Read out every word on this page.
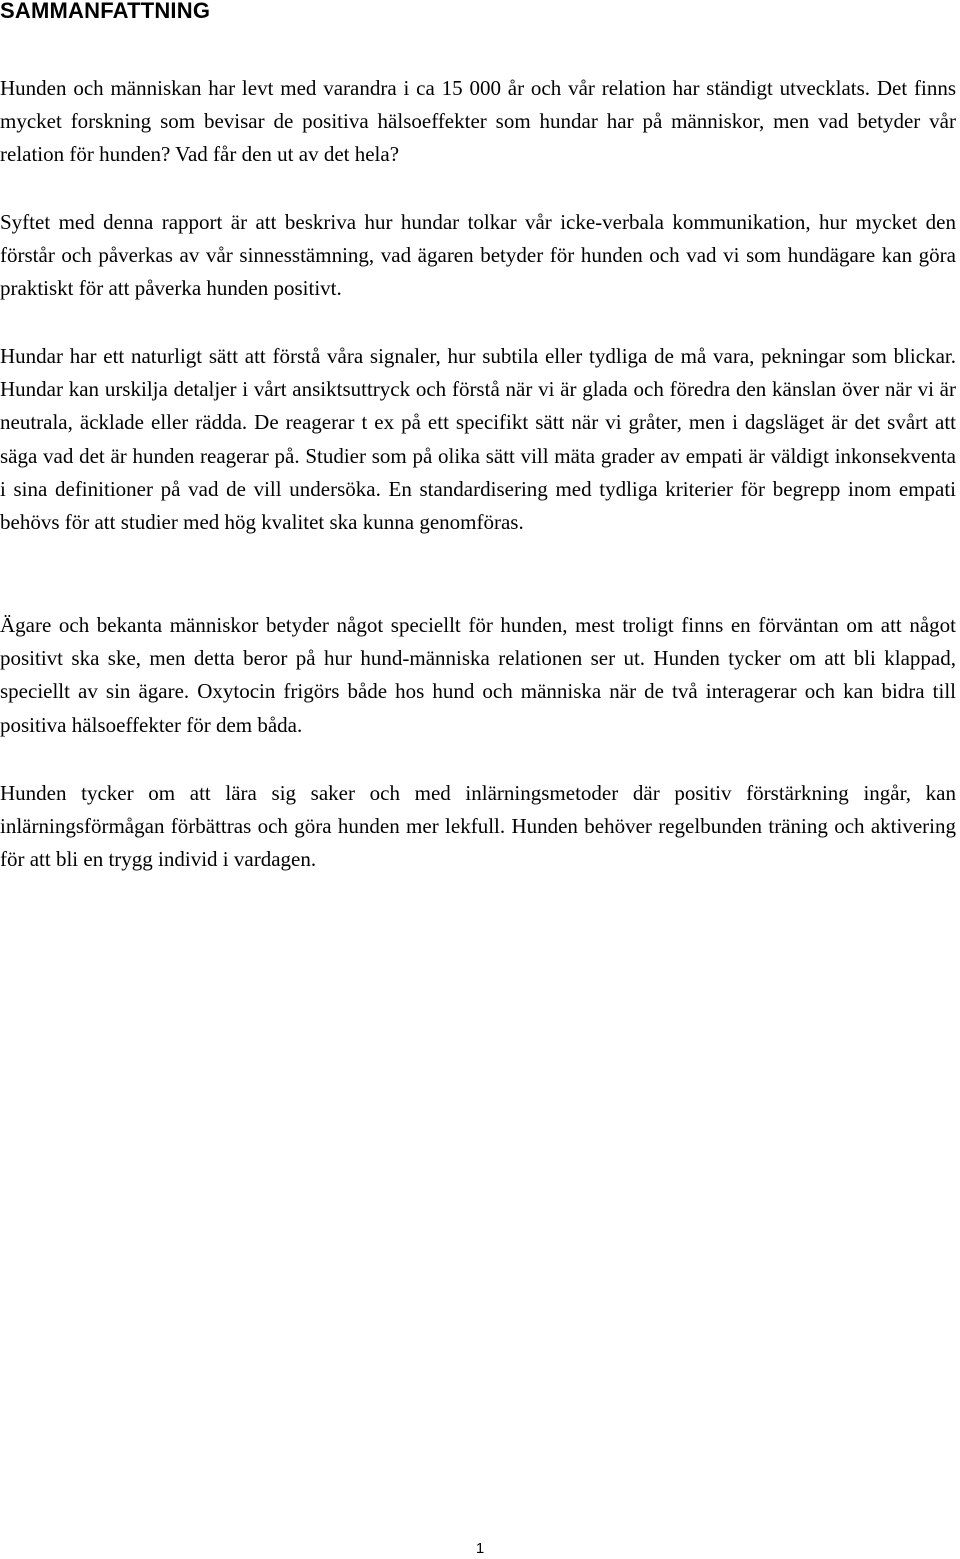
SAMMANFATTNING

Hunden och människan har levt med varandra i ca 15 000 år och vår relation har ständigt utvecklats. Det finns mycket forskning som bevisar de positiva hälsoeffekter som hundar har på människor, men vad betyder vår relation för hunden? Vad får den ut av det hela?

Syftet med denna rapport är att beskriva hur hundar tolkar vår icke-verbala kommunikation, hur mycket den förstår och påverkas av vår sinnesstämning, vad ägaren betyder för hunden och vad vi som hundägare kan göra praktiskt för att påverka hunden positivt.

Hundar har ett naturligt sätt att förstå våra signaler, hur subtila eller tydliga de må vara, pekningar som blickar. Hundar kan urskilja detaljer i vårt ansiktsuttryck och förstå när vi är glada och föredra den känslan över när vi är neutrala, äcklade eller rädda. De reagerar t ex på ett specifikt sätt när vi gråter, men i dagsläget är det svårt att säga vad det är hunden reagerar på. Studier som på olika sätt vill mäta grader av empati är väldigt inkonsekventa i sina definitioner på vad de vill undersöka. En standardisering med tydliga kriterier för begrepp inom empati behövs för att studier med hög kvalitet ska kunna genomföras.

Ägare och bekanta människor betyder något speciellt för hunden, mest troligt finns en förväntan om att något positivt ska ske, men detta beror på hur hund-människa relationen ser ut. Hunden tycker om att bli klappad, speciellt av sin ägare. Oxytocin frigörs både hos hund och människa när de två interagerar och kan bidra till positiva hälsoeffekter för dem båda.

Hunden tycker om att lära sig saker och med inlärningsmetoder där positiv förstärkning ingår, kan inlärningsförmågan förbättras och göra hunden mer lekfull. Hunden behöver regelbunden träning och aktivering för att bli en trygg individ i vardagen.

1
